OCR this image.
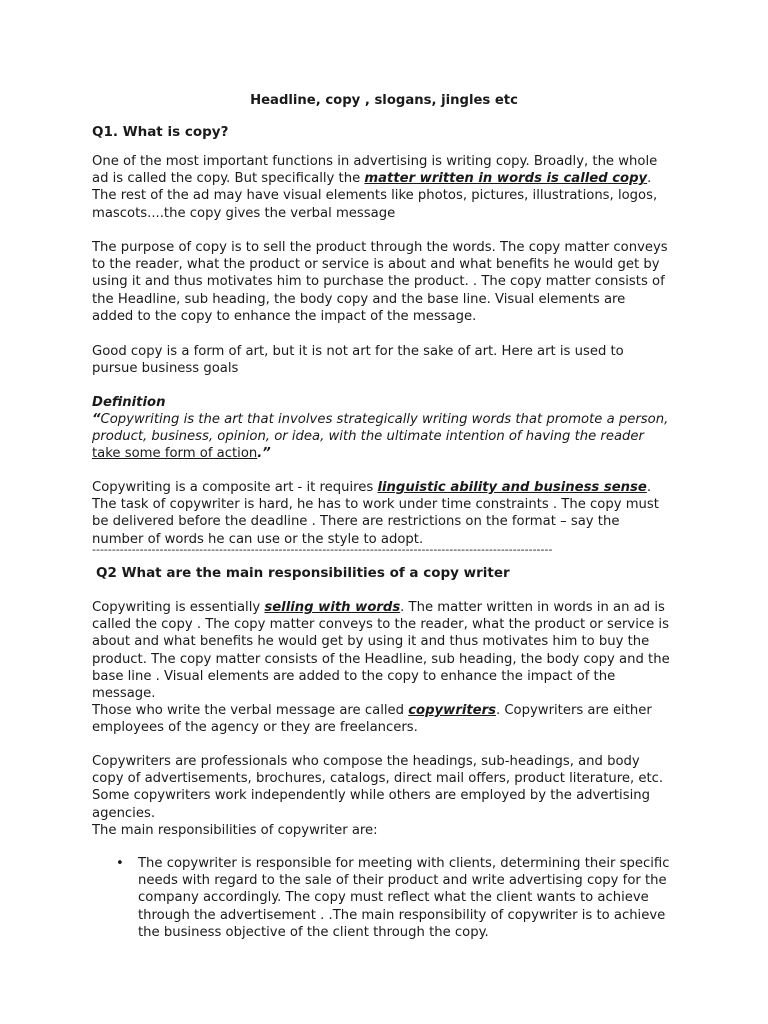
Headline, copy , slogans, jingles etc
Q1. What is copy?
One of the most important functions in advertising is writing copy. Broadly, the whole ad is called the copy. But specifically the matter written in words is called copy. The rest of the ad may have visual elements like photos, pictures, illustrations, logos, mascots....the copy gives the verbal message
The purpose of copy is to sell the product through the words. The copy matter conveys to the reader, what the product or service is about and what benefits he would get by using it and thus motivates him to purchase the product. . The copy matter consists of the Headline, sub heading, the body copy and the base line. Visual elements are added to the copy to enhance the impact of the message.
Good copy is a form of art, but it is not art for the sake of art. Here art is used to pursue business goals
Definition
“Copywriting is the art that involves strategically writing words that promote a person, product, business, opinion, or idea, with the ultimate intention of having the reader take some form of action.”
Copywriting is a composite art - it requires linguistic ability and business sense. The task of copywriter is hard, he has to work under time constraints . The copy must be delivered before the deadline . There are restrictions on the format – say the number of words he can use or the style to adopt.
--------------------------------------------------------------------------------------------------------------------
Q2 What are the main responsibilities of a copy writer
Copywriting is essentially selling with words. The matter written in words in an ad is called the copy . The copy matter conveys to the reader, what the product or service is about and what benefits he would get by using it and thus motivates him to buy the product. The copy matter consists of the Headline, sub heading, the body copy and the base line . Visual elements are added to the copy to enhance the impact of the message.
Those who write the verbal message are called copywriters. Copywriters are either employees of the agency or they are freelancers.
Copywriters are professionals who compose the headings, sub-headings, and body copy of advertisements, brochures, catalogs, direct mail offers, product literature, etc. Some copywriters work independently while others are employed by the advertising agencies.
The main responsibilities of copywriter are:
• The copywriter is responsible for meeting with clients, determining their specific needs with regard to the sale of their product and write advertising copy for the company accordingly. The copy must reflect what the client wants to achieve through the advertisement . .The main responsibility of copywriter is to achieve the business objective of the client through the copy.
